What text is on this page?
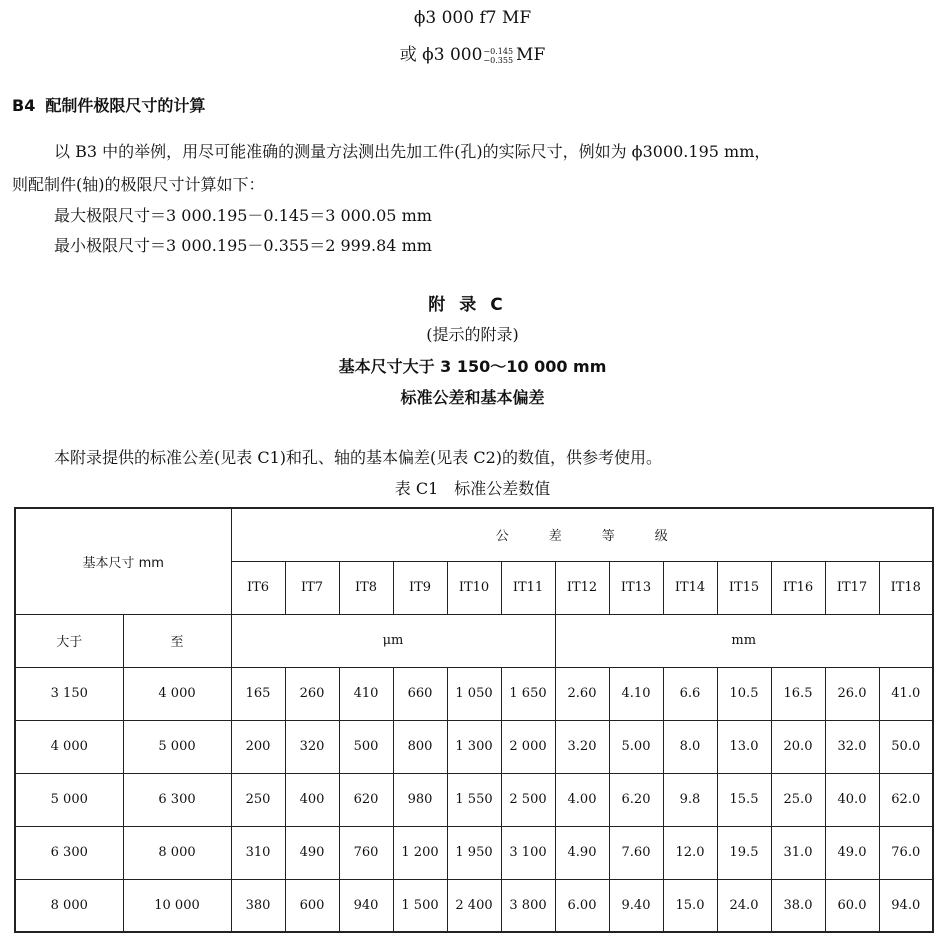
ϕ3 000 f7 MF
或 ϕ3 000 −0.145
−0.355 MF
B4 配制件极限尺寸的计算
以 B3 中的举例，用尽可能准确的测量方法测出先加工件(孔)的实际尺寸，例如为 ϕ3000.195 mm，
则配制件(轴)的极限尺寸计算如下：
最大极限尺寸＝3 000.195－0.145＝3 000.05 mm
最小极限尺寸＝3 000.195－0.355＝2 999.84 mm
附录C
(提示的附录)
基本尺寸大于 3 150～10 000 mm
标准公差和基本偏差
本附录提供的标准公差(见表 C1)和孔、轴的基本偏差(见表 C2)的数值，供参考使用。
表 C1　标准公差数值
基本尺寸 mm		公差等级												
		IT6	IT7	IT8	IT9	IT10	IT11	IT12	IT13	IT14	IT15	IT16	IT17	IT18
大于	至	μm						mm						
3 150	4 000	165	260	410	660	1 050	1 650	2.60	4.10	6.6	10.5	16.5	26.0	41.0
4 000	5 000	200	320	500	800	1 300	2 000	3.20	5.00	8.0	13.0	20.0	32.0	50.0
5 000	6 300	250	400	620	980	1 550	2 500	4.00	6.20	9.8	15.5	25.0	40.0	62.0
6 300	8 000	310	490	760	1 200	1 950	3 100	4.90	7.60	12.0	19.5	31.0	49.0	76.0
8 000	10 000	380	600	940	1 500	2 400	3 800	6.00	9.40	15.0	24.0	38.0	60.0	94.0
